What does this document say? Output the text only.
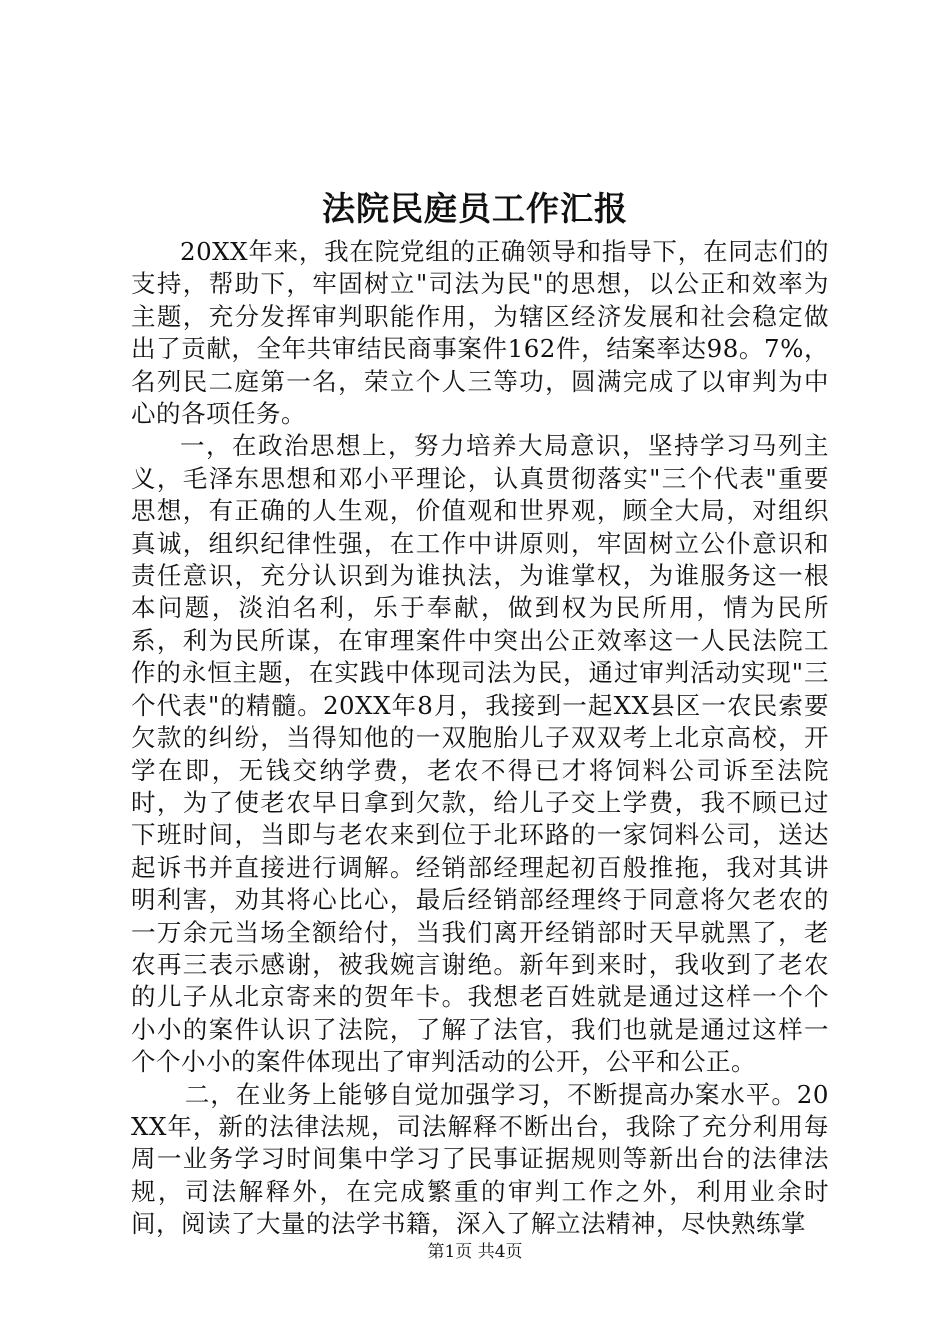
法院民庭员工作汇报

20XX年来，我在院党组的正确领导和指导下，在同志们的支持，帮助下，牢固树立"司法为民"的思想，以公正和效率为主题，充分发挥审判职能作用，为辖区经济发展和社会稳定做出了贡献，全年共审结民商事案件162件，结案率达98。7%，名列民二庭第一名，荣立个人三等功，圆满完成了以审判为中心的各项任务。

一，在政治思想上，努力培养大局意识，坚持学习马列主义，毛泽东思想和邓小平理论，认真贯彻落实"三个代表"重要思想，有正确的人生观，价值观和世界观，顾全大局，对组织真诚，组织纪律性强，在工作中讲原则，牢固树立公仆意识和责任意识，充分认识到为谁执法，为谁掌权，为谁服务这一根本问题，淡泊名利，乐于奉献，做到权为民所用，情为民所系，利为民所谋，在审理案件中突出公正效率这一人民法院工作的永恒主题，在实践中体现司法为民，通过审判活动实现"三个代表"的精髓。20XX年8月，我接到一起XX县区一农民索要欠款的纠纷，当得知他的一双胞胎儿子双双考上北京高校，开学在即，无钱交纳学费，老农不得已才将饲料公司诉至法院时，为了使老农早日拿到欠款，给儿子交上学费，我不顾已过下班时间，当即与老农来到位于北环路的一家饲料公司，送达起诉书并直接进行调解。经销部经理起初百般推拖，我对其讲明利害，劝其将心比心，最后经销部经理终于同意将欠老农的一万余元当场全额给付，当我们离开经销部时天早就黑了，老农再三表示感谢，被我婉言谢绝。新年到来时，我收到了老农的儿子从北京寄来的贺年卡。我想老百姓就是通过这样一个个小小的案件认识了法院，了解了法官，我们也就是通过这样一个个小小的案件体现出了审判活动的公开，公平和公正。

二，在业务上能够自觉加强学习，不断提高办案水平。20XX年，新的法律法规，司法解释不断出台，我除了充分利用每周一业务学习时间集中学习了民事证据规则等新出台的法律法规，司法解释外，在完成繁重的审判工作之外，利用业余时间，阅读了大量的法学书籍，深入了解立法精神，尽快熟练掌

第1页 共4页
